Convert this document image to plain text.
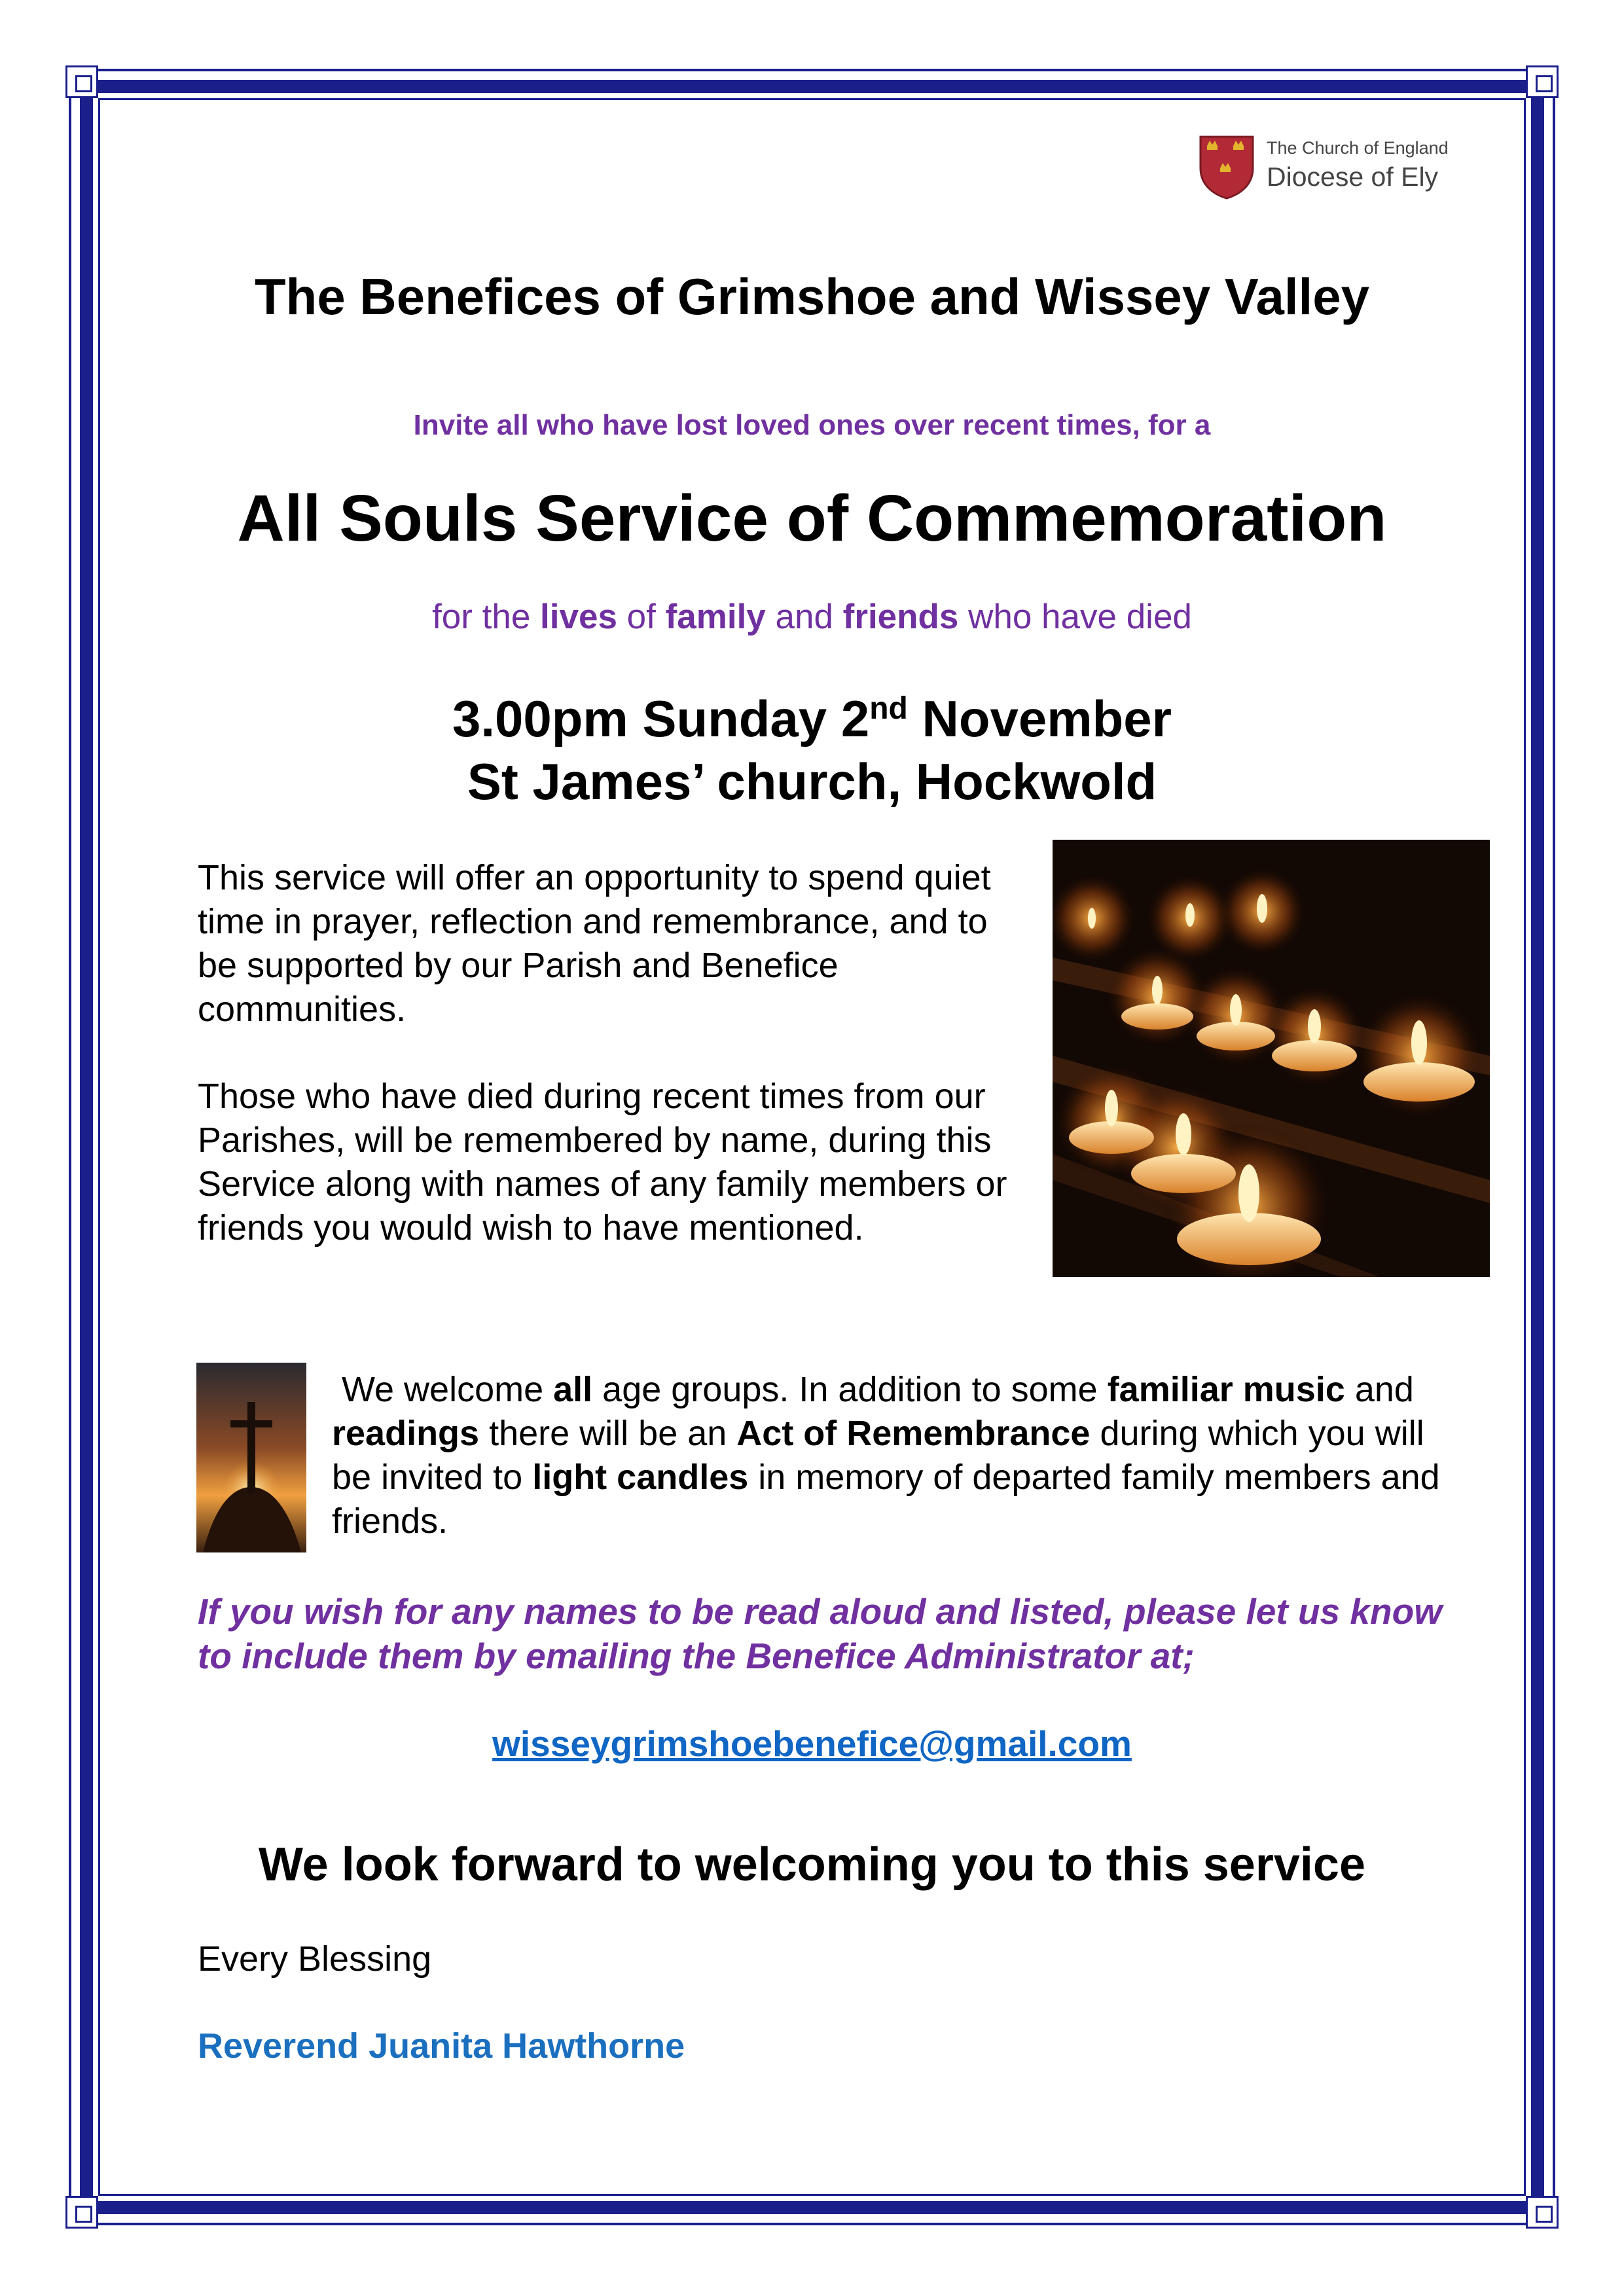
The Church of England
Diocese of Ely
The Benefices of Grimshoe and Wissey Valley
Invite all who have lost loved ones over recent times, for a
All Souls Service of Commemoration
for the lives of family and friends who have died
3.00pm Sunday 2nd November
St James’ church, Hockwold
This service will offer an opportunity to spend quiet time in prayer, reflection and remembrance, and to be supported by our Parish and Benefice communities.
Those who have died during recent times from our Parishes, will be remembered by name, during this Service along with names of any family members or friends you would wish to have mentioned.
We welcome all age groups. In addition to some familiar music and readings there will be an Act of Remembrance during which you will be invited to light candles in memory of departed family members and friends.
If you wish for any names to be read aloud and listed, please let us know to include them by emailing the Benefice Administrator at;
wisseygrimshoebenefice@gmail.com
We look forward to welcoming you to this service
Every Blessing
Reverend Juanita Hawthorne
